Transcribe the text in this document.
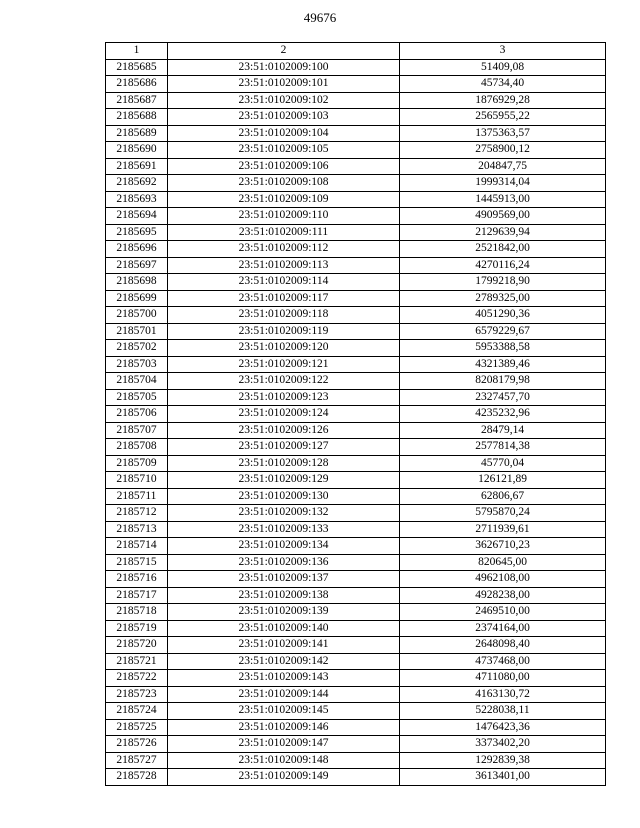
49676
1	2	3
2185685	23:51:0102009:100	51409,08
2185686	23:51:0102009:101	45734,40
2185687	23:51:0102009:102	1876929,28
2185688	23:51:0102009:103	2565955,22
2185689	23:51:0102009:104	1375363,57
2185690	23:51:0102009:105	2758900,12
2185691	23:51:0102009:106	204847,75
2185692	23:51:0102009:108	1999314,04
2185693	23:51:0102009:109	1445913,00
2185694	23:51:0102009:110	4909569,00
2185695	23:51:0102009:111	2129639,94
2185696	23:51:0102009:112	2521842,00
2185697	23:51:0102009:113	4270116,24
2185698	23:51:0102009:114	1799218,90
2185699	23:51:0102009:117	2789325,00
2185700	23:51:0102009:118	4051290,36
2185701	23:51:0102009:119	6579229,67
2185702	23:51:0102009:120	5953388,58
2185703	23:51:0102009:121	4321389,46
2185704	23:51:0102009:122	8208179,98
2185705	23:51:0102009:123	2327457,70
2185706	23:51:0102009:124	4235232,96
2185707	23:51:0102009:126	28479,14
2185708	23:51:0102009:127	2577814,38
2185709	23:51:0102009:128	45770,04
2185710	23:51:0102009:129	126121,89
2185711	23:51:0102009:130	62806,67
2185712	23:51:0102009:132	5795870,24
2185713	23:51:0102009:133	2711939,61
2185714	23:51:0102009:134	3626710,23
2185715	23:51:0102009:136	820645,00
2185716	23:51:0102009:137	4962108,00
2185717	23:51:0102009:138	4928238,00
2185718	23:51:0102009:139	2469510,00
2185719	23:51:0102009:140	2374164,00
2185720	23:51:0102009:141	2648098,40
2185721	23:51:0102009:142	4737468,00
2185722	23:51:0102009:143	4711080,00
2185723	23:51:0102009:144	4163130,72
2185724	23:51:0102009:145	5228038,11
2185725	23:51:0102009:146	1476423,36
2185726	23:51:0102009:147	3373402,20
2185727	23:51:0102009:148	1292839,38
2185728	23:51:0102009:149	3613401,00
